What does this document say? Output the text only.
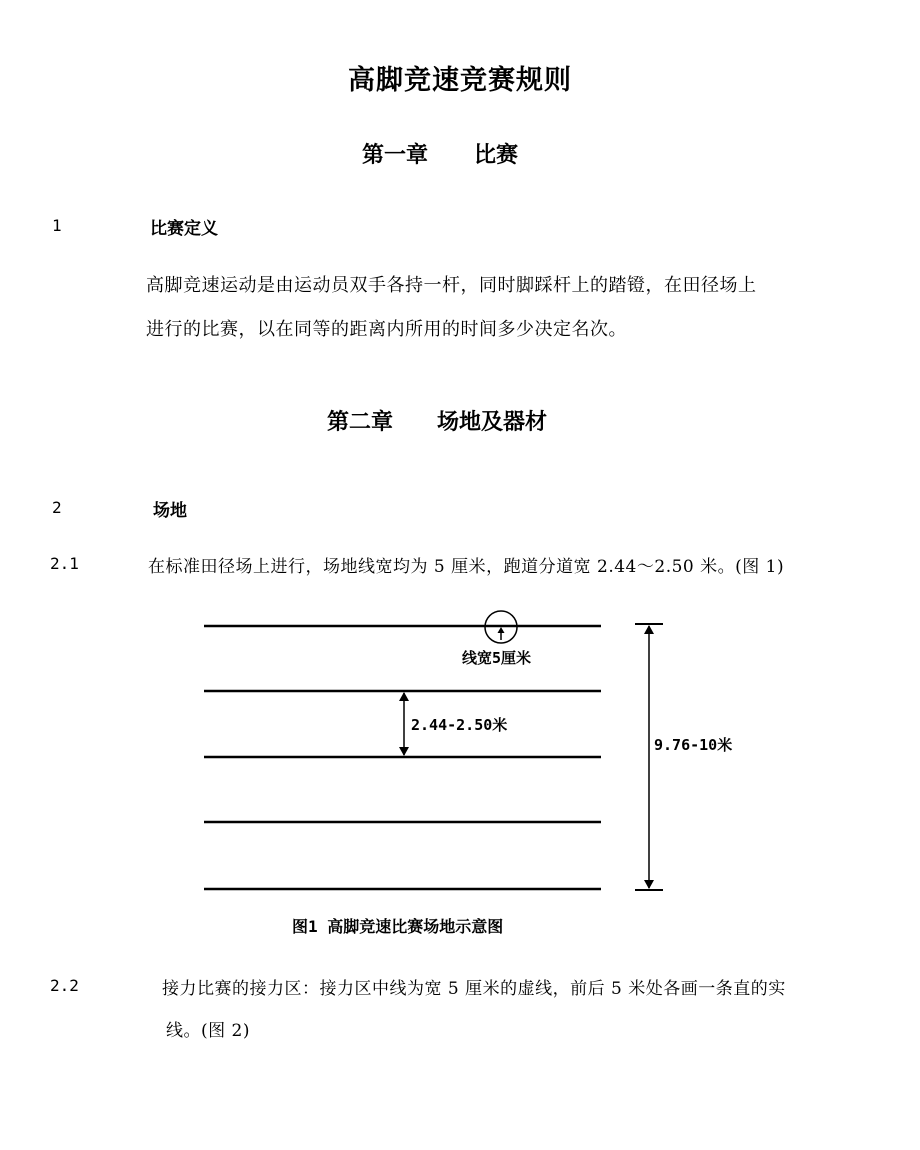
高脚竞速竞赛规则
第一章 比赛
1	比赛定义
高脚竞速运动是由运动员双手各持一杆，同时脚踩杆上的踏镫，在田径场上
进行的比赛，以在同等的距离内所用的时间多少决定名次。
第二章 场地及器材
2	场地
2.1	在标准田径场上进行，场地线宽均为 5 厘米，跑道分道宽 2.44～2.50 米。(图 1)
线宽5厘米
2.44-2.50米
9.76-10米
图1 高脚竞速比赛场地示意图
2.2	接力比赛的接力区：接力区中线为宽 5 厘米的虚线，前后 5 米处各画一条直的实
线。(图 2)
